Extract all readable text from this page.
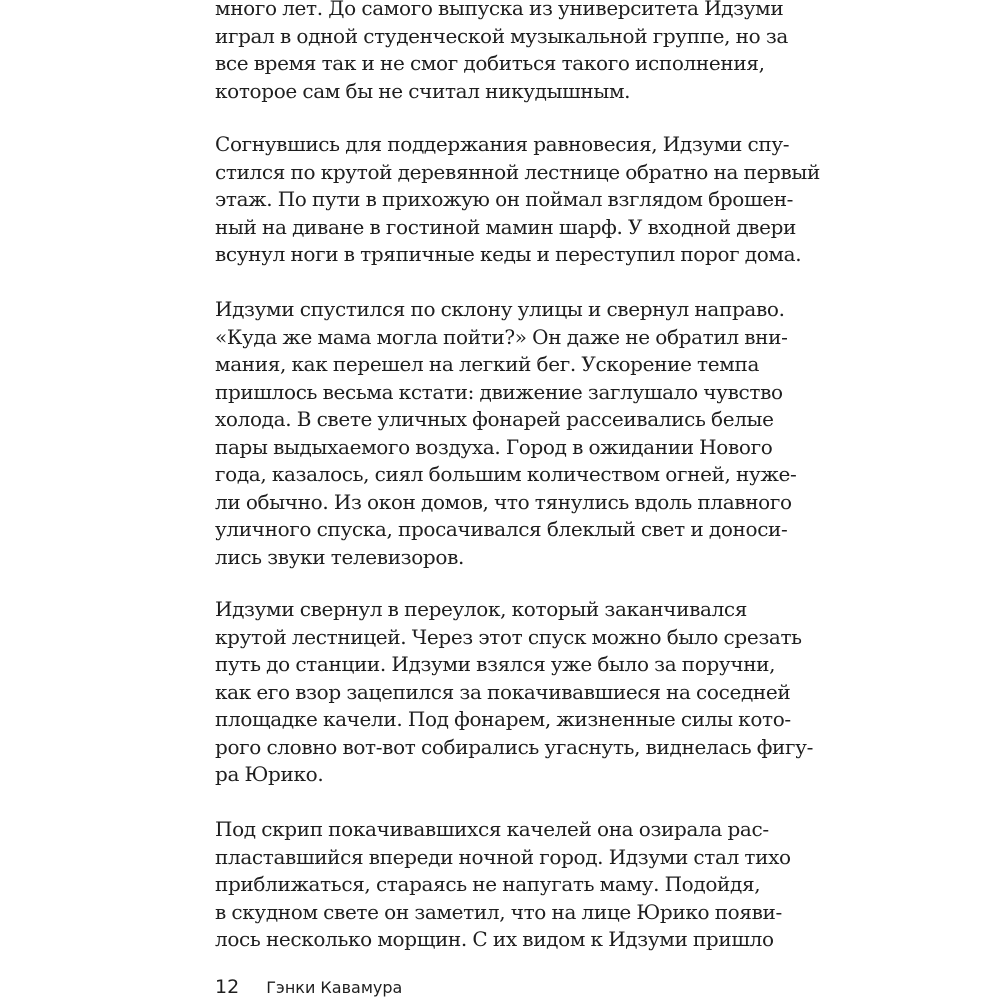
много лет. До самого выпуска из университета Идзуми
играл в одной студенческой музыкальной группе, но за
все время так и не смог добиться такого исполнения,
которое сам бы не считал никудышным.

Согнувшись для поддержания равновесия, Идзуми спу-
стился по крутой деревянной лестнице обратно на первый
этаж. По пути в прихожую он поймал взглядом брошен-
ный на диване в гостиной мамин шарф. У входной двери
всунул ноги в тряпичные кеды и переступил порог дома.

Идзуми спустился по склону улицы и свернул направо.
«Куда же мама могла пойти?» Он даже не обратил вни-
мания, как перешел на легкий бег. Ускорение темпа
пришлось весьма кстати: движение заглушало чувство
холода. В свете уличных фонарей рассеивались белые
пары выдыхаемого воздуха. Город в ожидании Нового
года, казалось, сиял большим количеством огней, нуже-
ли обычно. Из окон домов, что тянулись вдоль плавного
уличного спуска, просачивался блеклый свет и доноси-
лись звуки телевизоров.

Идзуми свернул в переулок, который заканчивался
крутой лестницей. Через этот спуск можно было срезать
путь до станции. Идзуми взялся уже было за поручни,
как его взор зацепился за покачивавшиеся на соседней
площадке качели. Под фонарем, жизненные силы кото-
рого словно вот-вот собирались угаснуть, виднелась фигу-
ра Юрико.

Под скрип покачивавшихся качелей она озирала рас-
пластавшийся впереди ночной город. Идзуми стал тихо
приближаться, стараясь не напугать маму. Подойдя,
в скудном свете он заметил, что на лице Юрико появи-
лось несколько морщин. С их видом к Идзуми пришло

12 Гэнки Кавамура
